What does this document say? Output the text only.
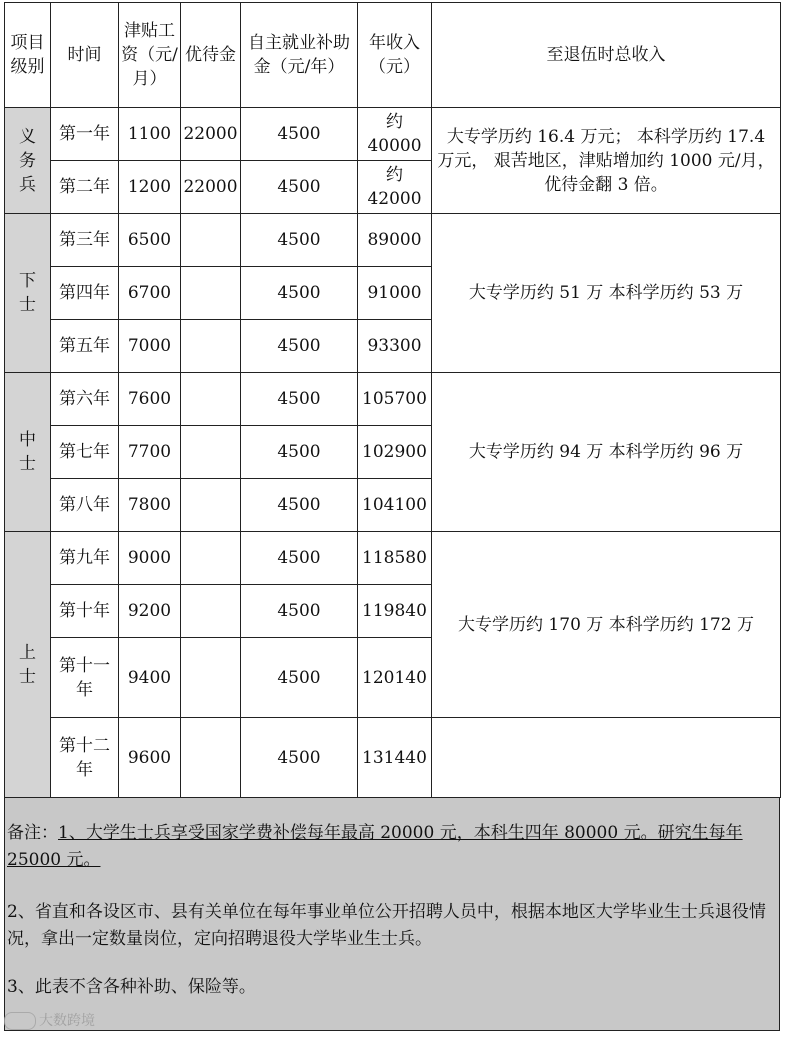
项目级别	时间	津贴工资（元/月）	优待金	自主就业补助金（元/年）	年收入（元）	至退伍时总收入

义务兵	第一年	1100	22000	4500	约 40000	大专学历约 16.4 万元； 本科学历约 17.4 万元， 艰苦地区，津贴增加约 1000 元/月，优待金翻 3 倍。
	第二年	1200	22000	4500	约 42000	

下士	第三年	6500		4500	89000	大专学历约 51 万 本科学历约 53 万
	第四年	6700		4500	91000	
	第五年	7000		4500	93300	

中士	第六年	7600		4500	105700	大专学历约 94 万 本科学历约 96 万
	第七年	7700		4500	102900	
	第八年	7800		4500	104100	

上士	第九年	9000		4500	118580	大专学历约 170 万 本科学历约 172 万
	第十年	9200		4500	119840	
	第十一年	9400		4500	120140	
	第十二年	9600		4500	131440	
备注：1、大学生士兵享受国家学费补偿每年最高 20000 元，本科生四年 80000 元。研究生每年 25000 元。
2、省直和各设区市、县有关单位在每年事业单位公开招聘人员中，根据本地区大学毕业生士兵退役情况，拿出一定数量岗位，定向招聘退役大学毕业生士兵。
3、此表不含各种补助、保险等。
大数跨境
